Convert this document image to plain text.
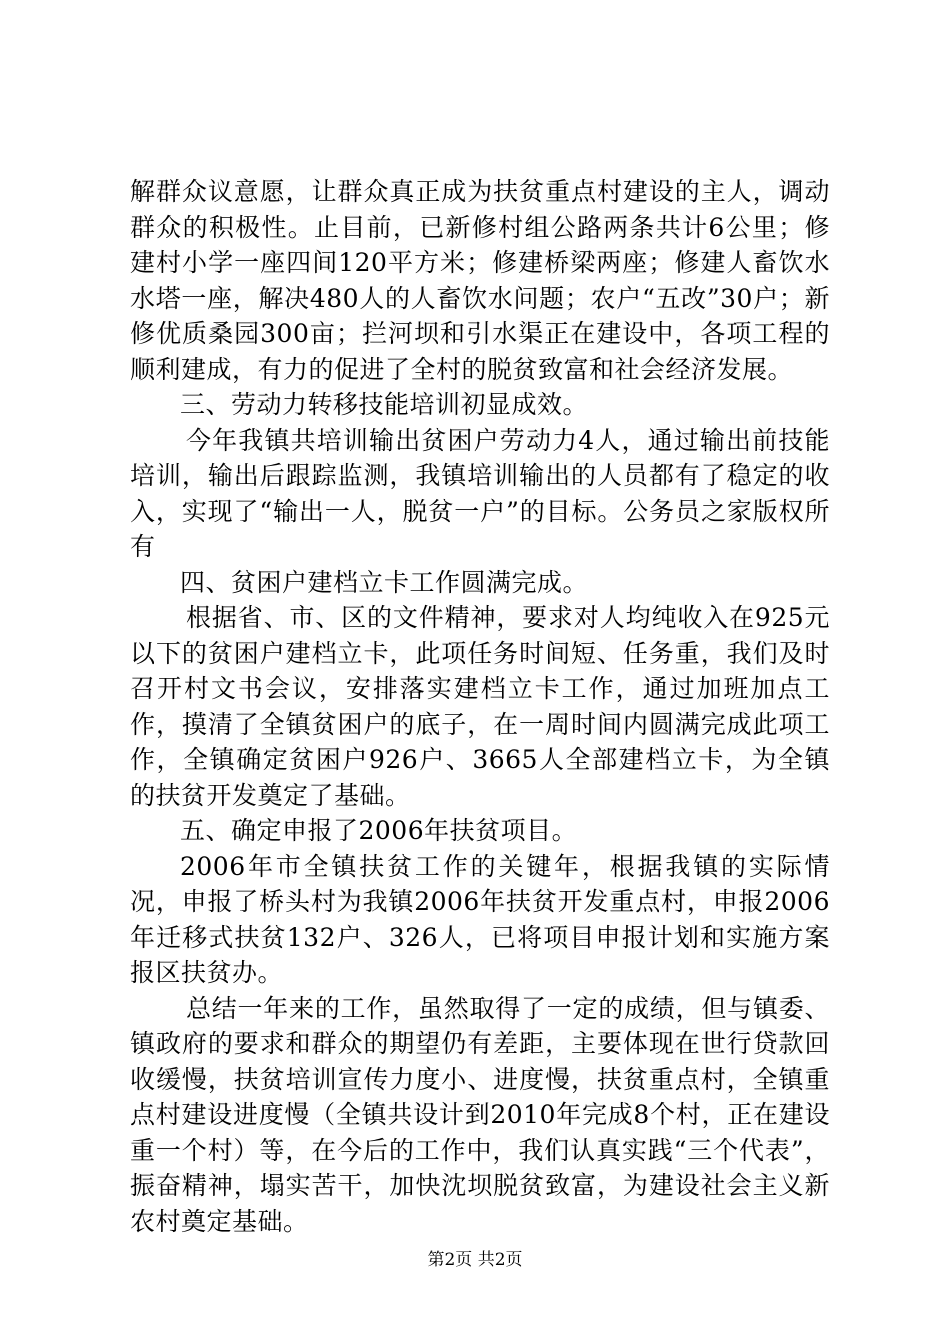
解群众议意愿，让群众真正成为扶贫重点村建设的主人，调动群众的积极性。止目前，已新修村组公路两条共计6公里；修建村小学一座四间120平方米；修建桥梁两座；修建人畜饮水水塔一座，解决480人的人畜饮水问题；农户“五改”30户；新修优质桑园300亩；拦河坝和引水渠正在建设中，各项工程的顺利建成，有力的促进了全村的脱贫致富和社会经济发展。

三、劳动力转移技能培训初显成效。

今年我镇共培训输出贫困户劳动力4人，通过输出前技能培训，输出后跟踪监测，我镇培训输出的人员都有了稳定的收入，实现了“输出一人，脱贫一户”的目标。公务员之家版权所有

四、贫困户建档立卡工作圆满完成。

根据省、市、区的文件精神，要求对人均纯收入在925元以下的贫困户建档立卡，此项任务时间短、任务重，我们及时召开村文书会议，安排落实建档立卡工作，通过加班加点工作，摸清了全镇贫困户的底子，在一周时间内圆满完成此项工作，全镇确定贫困户926户、3665人全部建档立卡，为全镇的扶贫开发奠定了基础。

五、确定申报了2006年扶贫项目。

2006年市全镇扶贫工作的关键年，根据我镇的实际情况，申报了桥头村为我镇2006年扶贫开发重点村，申报2006年迁移式扶贫132户、326人，已将项目申报计划和实施方案报区扶贫办。

总结一年来的工作，虽然取得了一定的成绩，但与镇委、镇政府的要求和群众的期望仍有差距，主要体现在世行贷款回收缓慢，扶贫培训宣传力度小、进度慢，扶贫重点村，全镇重点村建设进度慢（全镇共设计到2010年完成8个村，正在建设重一个村）等，在今后的工作中，我们认真实践“三个代表”，振奋精神，塌实苦干，加快沈坝脱贫致富，为建设社会主义新农村奠定基础。

第2页 共2页
